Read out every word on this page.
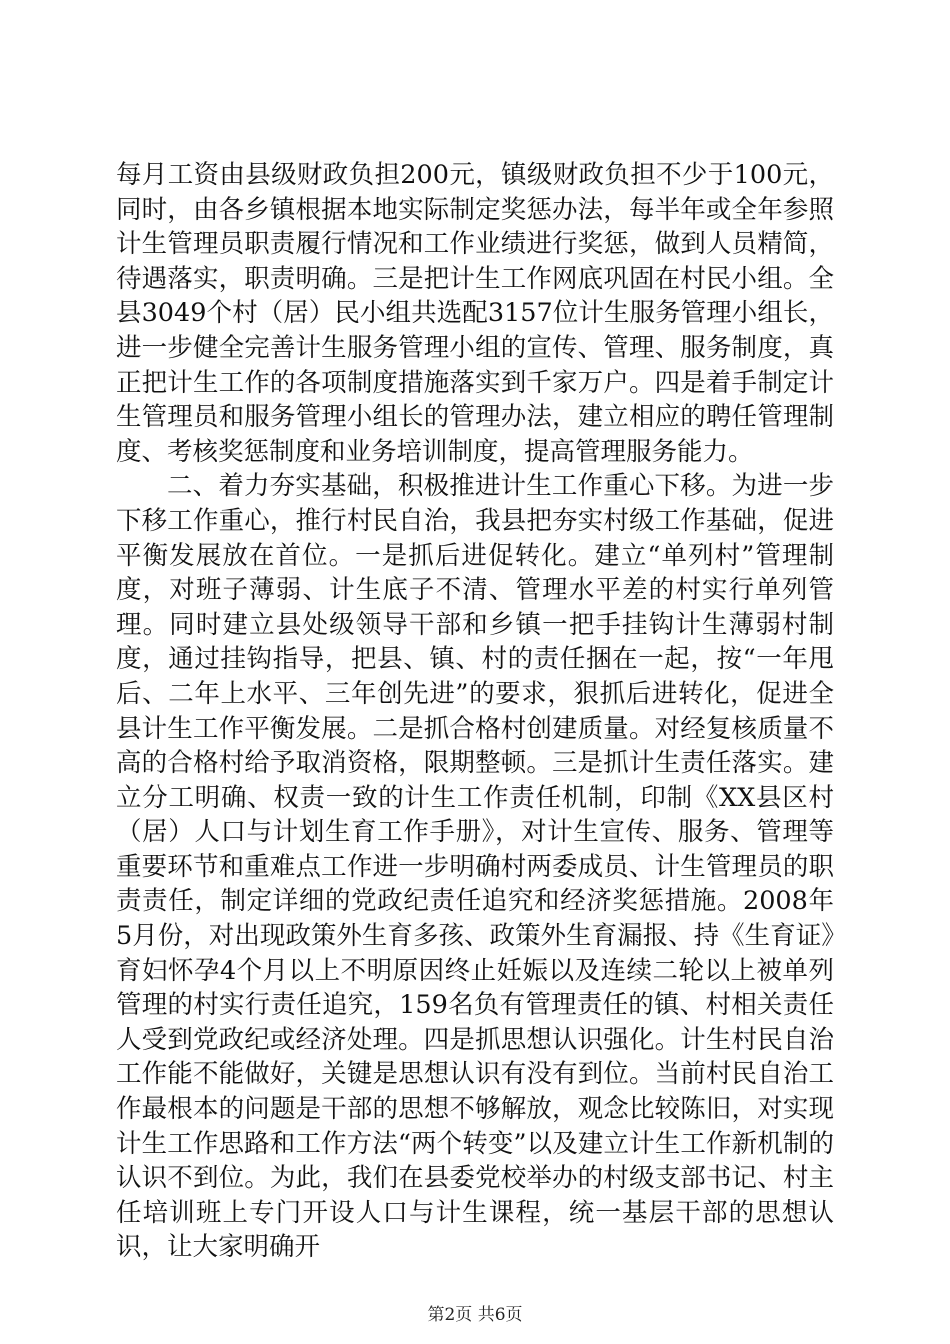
每月工资由县级财政负担200元，镇级财政负担不少于100元，同时，由各乡镇根据本地实际制定奖惩办法，每半年或全年参照计生管理员职责履行情况和工作业绩进行奖惩，做到人员精简，待遇落实，职责明确。三是把计生工作网底巩固在村民小组。全县3049个村（居）民小组共选配3157位计生服务管理小组长，进一步健全完善计生服务管理小组的宣传、管理、服务制度，真正把计生工作的各项制度措施落实到千家万户。四是着手制定计生管理员和服务管理小组长的管理办法，建立相应的聘任管理制度、考核奖惩制度和业务培训制度，提高管理服务能力。

二、着力夯实基础，积极推进计生工作重心下移。为进一步下移工作重心，推行村民自治，我县把夯实村级工作基础，促进平衡发展放在首位。一是抓后进促转化。建立“单列村”管理制度，对班子薄弱、计生底子不清、管理水平差的村实行单列管理。同时建立县处级领导干部和乡镇一把手挂钩计生薄弱村制度，通过挂钩指导，把县、镇、村的责任捆在一起，按“一年甩后、二年上水平、三年创先进”的要求，狠抓后进转化，促进全县计生工作平衡发展。二是抓合格村创建质量。对经复核质量不高的合格村给予取消资格，限期整顿。三是抓计生责任落实。建立分工明确、权责一致的计生工作责任机制，印制《XX县区村（居）人口与计划生育工作手册》，对计生宣传、服务、管理等重要环节和重难点工作进一步明确村两委成员、计生管理员的职责责任，制定详细的党政纪责任追究和经济奖惩措施。2008年5月份，对出现政策外生育多孩、政策外生育漏报、持《生育证》育妇怀孕4个月以上不明原因终止妊娠以及连续二轮以上被单列管理的村实行责任追究，159名负有管理责任的镇、村相关责任人受到党政纪或经济处理。四是抓思想认识强化。计生村民自治工作能不能做好，关键是思想认识有没有到位。当前村民自治工作最根本的问题是干部的思想不够解放，观念比较陈旧，对实现计生工作思路和工作方法“两个转变”以及建立计生工作新机制的认识不到位。为此，我们在县委党校举办的村级支部书记、村主任培训班上专门开设人口与计生课程，统一基层干部的思想认识，让大家明确开

第2页 共6页
